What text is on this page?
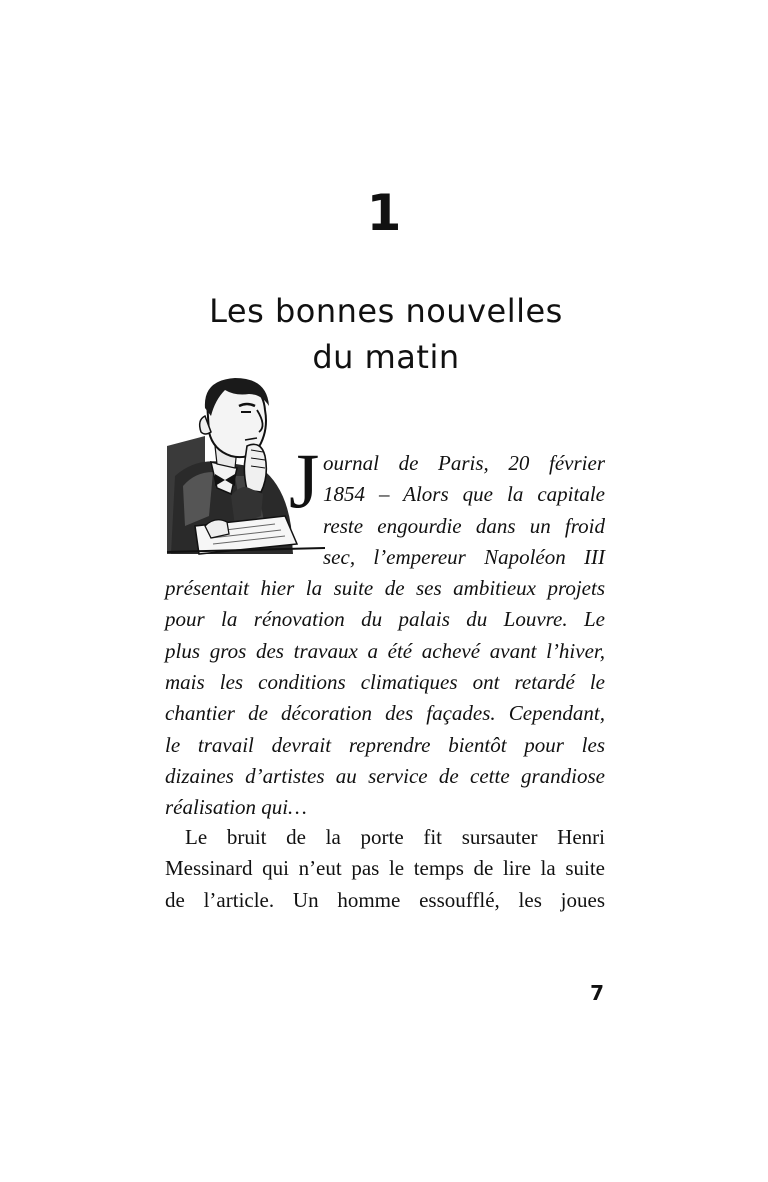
1
Les bonnes nouvelles
du matin
J ournal de Paris, 20 février
1854 – Alors que la capitale
reste engourdie dans un froid
sec, l’empereur Napoléon III
présentait hier la suite de ses ambitieux projets
pour la rénovation du palais du Louvre. Le
plus gros des travaux a été achevé avant l’hiver,
mais les conditions climatiques ont retardé le
chantier de décoration des façades. Cependant,
le travail devrait reprendre bientôt pour les
dizaines d’artistes au service de cette grandiose
réalisation qui…
Le bruit de la porte fit sursauter Henri
Messinard qui n’eut pas le temps de lire la suite
de l’article. Un homme essoufflé, les joues
7
